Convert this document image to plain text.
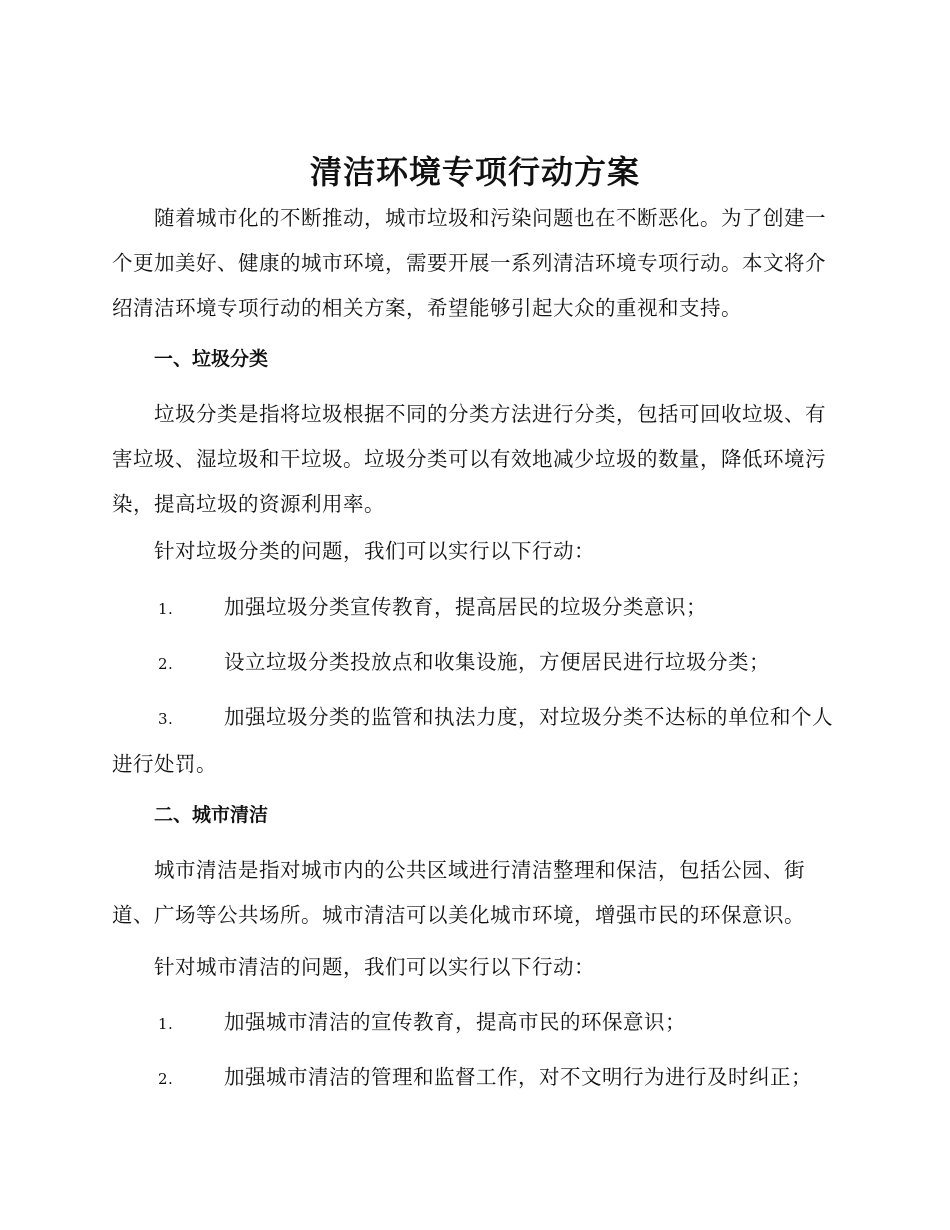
清洁环境专项行动方案

随着城市化的不断推动，城市垃圾和污染问题也在不断恶化。为了创建一个更加美好、健康的城市环境，需要开展一系列清洁环境专项行动。本文将介绍清洁环境专项行动的相关方案，希望能够引起大众的重视和支持。

一、垃圾分类

垃圾分类是指将垃圾根据不同的分类方法进行分类，包括可回收垃圾、有害垃圾、湿垃圾和干垃圾。垃圾分类可以有效地减少垃圾的数量，降低环境污染，提高垃圾的资源利用率。

针对垃圾分类的问题，我们可以实行以下行动：

1. 加强垃圾分类宣传教育，提高居民的垃圾分类意识；

2. 设立垃圾分类投放点和收集设施，方便居民进行垃圾分类；

3. 加强垃圾分类的监管和执法力度，对垃圾分类不达标的单位和个人进行处罚。

二、城市清洁

城市清洁是指对城市内的公共区域进行清洁整理和保洁，包括公园、街道、广场等公共场所。城市清洁可以美化城市环境，增强市民的环保意识。

针对城市清洁的问题，我们可以实行以下行动：

1. 加强城市清洁的宣传教育，提高市民的环保意识；

2. 加强城市清洁的管理和监督工作，对不文明行为进行及时纠正；
